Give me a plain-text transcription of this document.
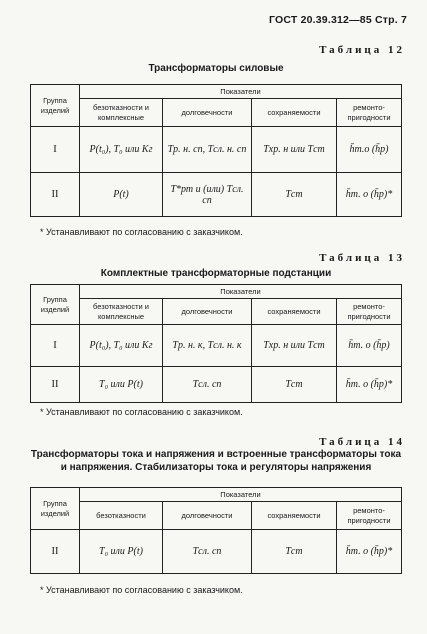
ГОСТ 20.39.312—85 Стр. 7
Таблица 12
Трансформаторы силовые
Группа изделий	Показатели			
	безотказности и комплексные	долговечности	сохраняемости	ремонто-пригодности
I	P(t₀), T₀ или Kг	Tр. н. сп, Tсл. н. сп	Tхр. н или Tст	h̄т.о (h̄р)
II	P(t)	T*рт и (или) Tсл. сп	Tст	h̄т. о (h̄р)*
* Устанавливают по согласованию с заказчиком.
Таблица 13
Комплектные трансформаторные подстанции
Группа изделий	Показатели			
	безотказности и комплексные	долговечности	сохраняемости	ремонто-пригодности
I	P(t₀), T₀ или Kг	Tр. н. к, Tсл. н. к	Tхр. н или Tст	h̄т. о (h̄р)
II	T₀ или P(t)	Tсл. сп	Tст	h̄т. о (h̄р)*
* Устанавливают по согласованию с заказчиком.
Таблица 14
Трансформаторы тока и напряжения и встроенные трансформаторы тока и напряжения. Стабилизаторы тока и регуляторы напряжения
Группа изделий	Показатели			
	безотказности	долговечности	сохраняемости	ремонто-пригодности
II	T₀ или P(t)	Tсл. сп	Tст	h̄т. о (h̄р)*
* Устанавливают по согласованию с заказчиком.
